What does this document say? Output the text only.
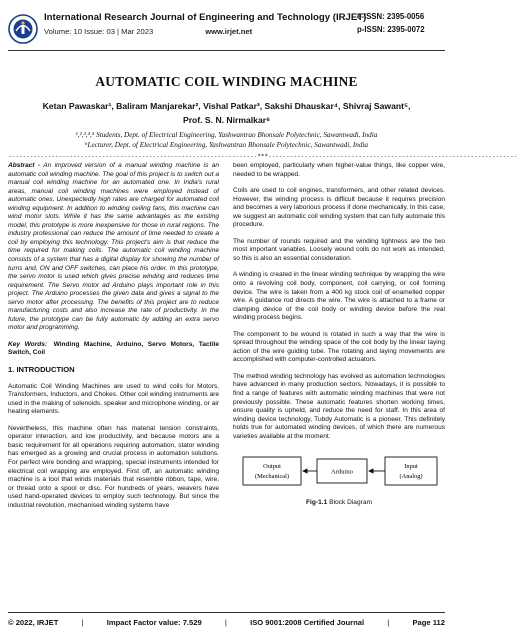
International Research Journal of Engineering and Technology (IRJET)
Volume: 10 Issue: 03 | Mar 2023	www.irjet.net
e-ISSN: 2395-0056
p-ISSN: 2395-0072
AUTOMATIC COIL WINDING MACHINE
Ketan Pawaskar¹, Baliram Manjarekar², Vishal Patkar³, Sakshi Dhauskar⁴, Shivraj Sawant⁵,
Prof. S. N. Nirmalkar⁶
¹,²,³,⁴,⁵ Students, Dept. of Electrical Engineering, Yashwantrao Bhonsale Polytechnic, Sawantwadi, India
⁶Lecturer, Dept. of Electrical Engineering, Yashwantrao Bhonsale Polytechnic, Sawantwadi, India
---------------------------------------------------------------------***---------------------------------------------------------------------

Abstract - An improved version of a manual winding machine is an automatic coil winding machine. The goal of this project is to switch out a manual coil winding machine for an automated one. In India's rural areas, manual coil winding machines were employed instead of automatic ones. Unexpectedly high rates are charged for automated coil winding equipment. In addition to winding ceiling fans, this machine can wind motor slots. While it has the same advantages as the existing model, this prototype is more inexpensive for those in rural regions. The industry professional can reduce the amount of time needed to create a coil by employing this technology. This project's aim is that reduce the time required for making coils. The automatic coil winding machine consists of a system that has a digital display for showing the number of turns and, ON and OFF switches, can place his order. In this prototype, the servo motor is used which gives precise winding and reduces time requirement. The Servo motor ad Arduino plays important role in this project. The Arduino processes the given data and gives a signal to the servo motor after processing. The benefits of this project are to reduce manufacturing costs and also increase the rate of productivity. In the future, the prototype can be fully automatic by adding an extra servo motor and programming.

Key Words: Winding Machine, Arduino, Servo Motors, Tactile Switch, Coil

1. INTRODUCTION

Automatic Coil Winding Machines are used to wind coils for Motors, Transformers, Inductors, and Chokes. Other coil winding instruments are used in the making of solenoids, speaker and microphone winding, or air heating elements.

Nevertheless, this machine often has material tension constraints, operator interaction, and low productivity, and because motors are a basic requirement for all operations requiring automation, stator winding has emerged as a growing and crucial process in automation solutions. For perfect wire bonding and wrapping, special instruments intended for electrical coil wrapping are employed. First off, an automatic winding machine is a tool that winds materials that resemble ribbon, tape, wire, or thread onto a spool or disc. For hundreds of years, weavers have used hand-operated devices to employ such technology. But since the industrial revolution, mechanised winding systems have

been employed, particularly when higher-value things, like copper wire, needed to be wrapped.

Coils are used to coil engines, transformers, and other related devices. However, the winding process is difficult because it requires precision and becomes a very laborious process if done mechanically. In this case, we suggest an automatic coil winding system that can fully automate this procedure.

The number of rounds required and the winding tightness are the two most important variables. Loosely wound coils do not work as intended, so this is also an essential consideration.

A winding is created in the linear winding technique by wrapping the wire onto a revolving coil body, component, coil carrying, or coil forming device. The wire is taken from a 400 kg stock coil of enamelled copper wire. A guidance rod directs the wire. The wire is attached to a frame or clamping device of the coil body or winding device before the real winding process begins.

The component to be wound is rotated in such a way that the wire is spread throughout the winding space of the coil body by the linear laying action of the wire guiding tube. The rotating and laying movements are accomplished with computer-controlled actuators.

The method winding technology has evolved as automation technologies have advanced in many production sectors. Nowadays, it is possible to find a range of features with automatic winding machines that were not previously possible. These automatic features shorten working times, ensure quality is upheld, and reduce the need for staff. In this area of winding device technology, Tubdy Automatic is a pioneer. This definitely holds true for automated winding devices, of which there are numerous varieties available at the moment.

Output
(Mechanical)
Arduino
Input
(Analog)
Fig-1.1 Block Diagram
© 2022, IRJET	|	Impact Factor value: 7.529	|	ISO 9001:2008 Certified Journal	|	Page 112
